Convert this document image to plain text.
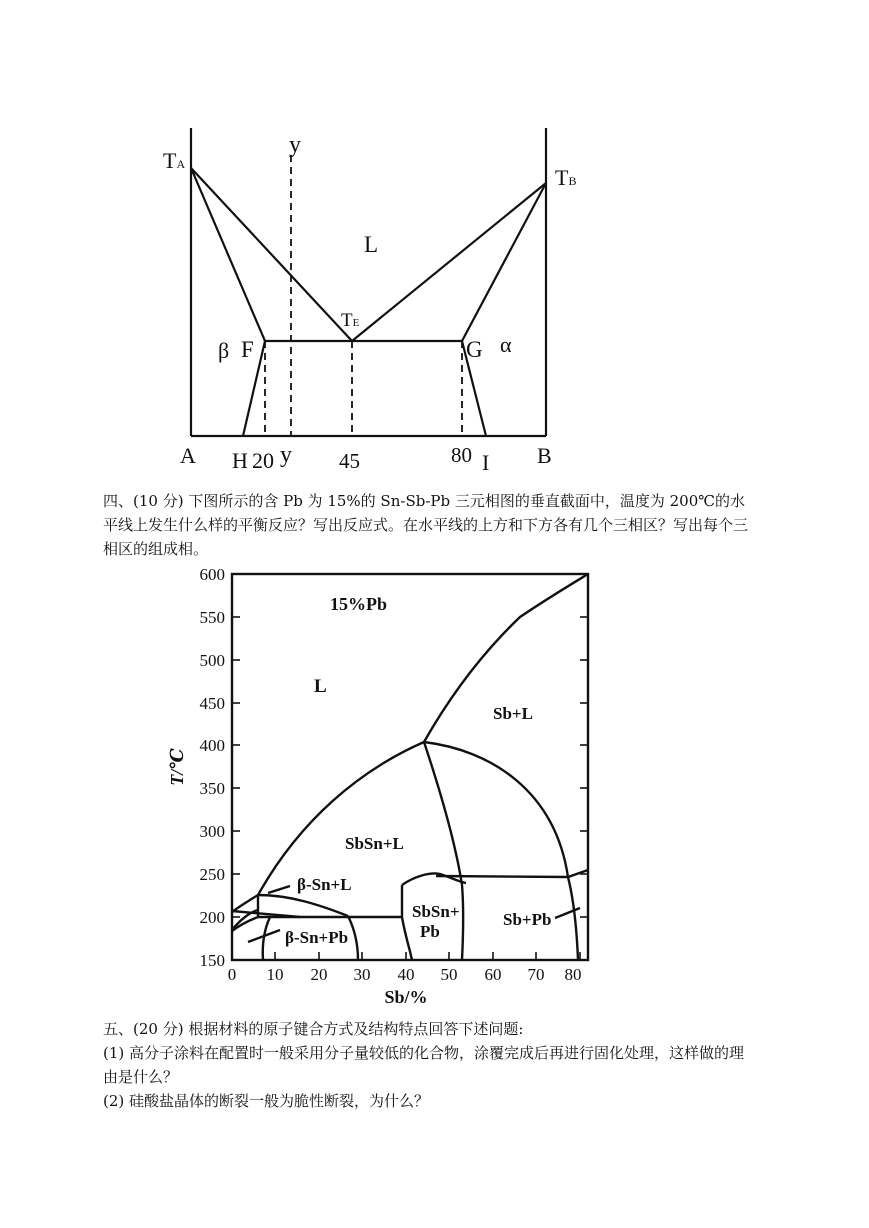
TA
TB
TE
y
L
β F	G α
A H 20 y 45	80 I B

四、(10 分) 下图所示的含 Pb 为 15%的 Sn-Sb-Pb 三元相图的垂直截面中，温度为 200℃的水平线上发生什么样的平衡反应？写出反应式。在水平线的上方和下方各有几个三相区？写出每个三相区的组成相。

600
550
500
450
400
350
300
250
200
150
0 10 20 30 40 50 60 70 80
Sb/%
T/℃
15%Pb
L
Sb+L
SbSn+L
β-Sn+L
β-Sn+Pb
SbSn+
Pb
Sb+Pb

五、(20 分) 根据材料的原子键合方式及结构特点回答下述问题:

(1) 高分子涂料在配置时一般采用分子量较低的化合物，涂覆完成后再进行固化处理，这样做的理由是什么？

(2) 硅酸盐晶体的断裂一般为脆性断裂，为什么？
